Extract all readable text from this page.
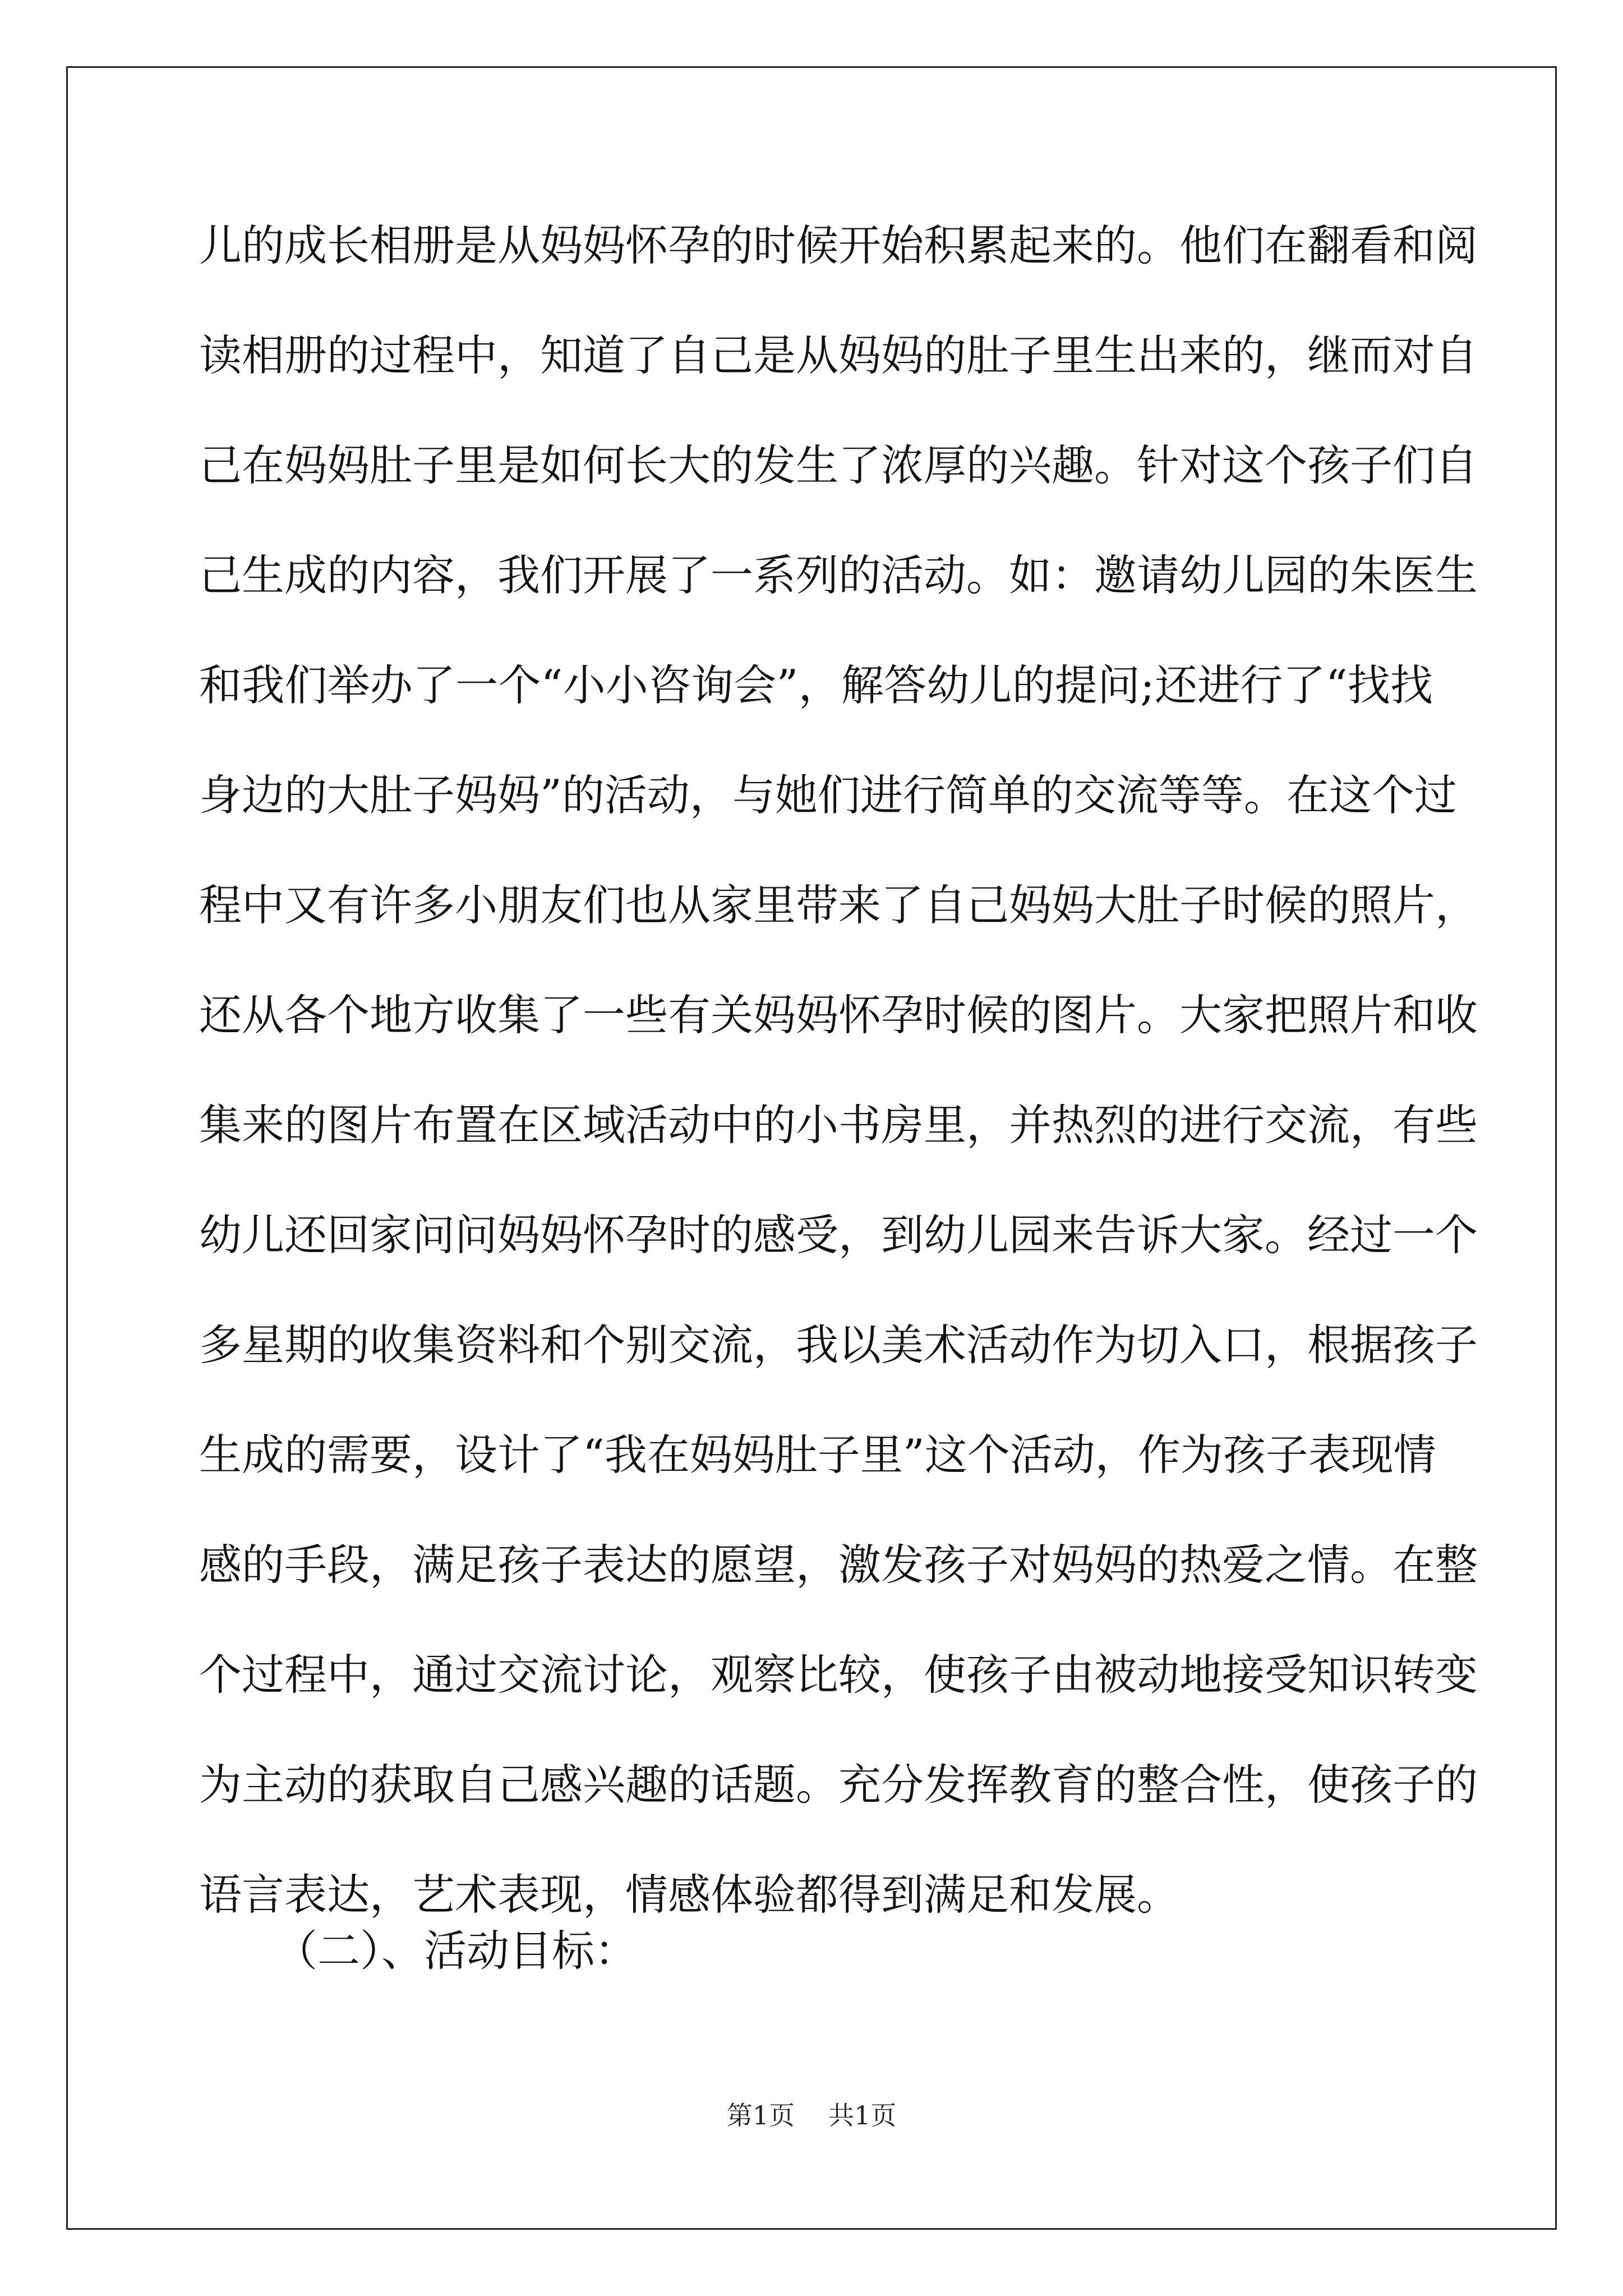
儿的成长相册是从妈妈怀孕的时候开始积累起来的。他们在翻看和阅
读相册的过程中，知道了自己是从妈妈的肚子里生出来的，继而对自
己在妈妈肚子里是如何长大的发生了浓厚的兴趣。针对这个孩子们自
己生成的内容，我们开展了一系列的活动。如：邀请幼儿园的朱医生
和我们举办了一个“小小咨询会”，解答幼儿的提问;还进行了“找找
身边的大肚子妈妈”的活动，与她们进行简单的交流等等。在这个过
程中又有许多小朋友们也从家里带来了自己妈妈大肚子时候的照片，
还从各个地方收集了一些有关妈妈怀孕时候的图片。大家把照片和收
集来的图片布置在区域活动中的小书房里，并热烈的进行交流，有些
幼儿还回家问问妈妈怀孕时的感受，到幼儿园来告诉大家。经过一个
多星期的收集资料和个别交流，我以美术活动作为切入口，根据孩子
生成的需要，设计了“我在妈妈肚子里”这个活动，作为孩子表现情
感的手段，满足孩子表达的愿望，激发孩子对妈妈的热爱之情。在整
个过程中，通过交流讨论，观察比较，使孩子由被动地接受知识转变
为主动的获取自己感兴趣的话题。充分发挥教育的整合性，使孩子的
语言表达，艺术表现，情感体验都得到满足和发展。
（二）、活动目标：
第1页 共1页
